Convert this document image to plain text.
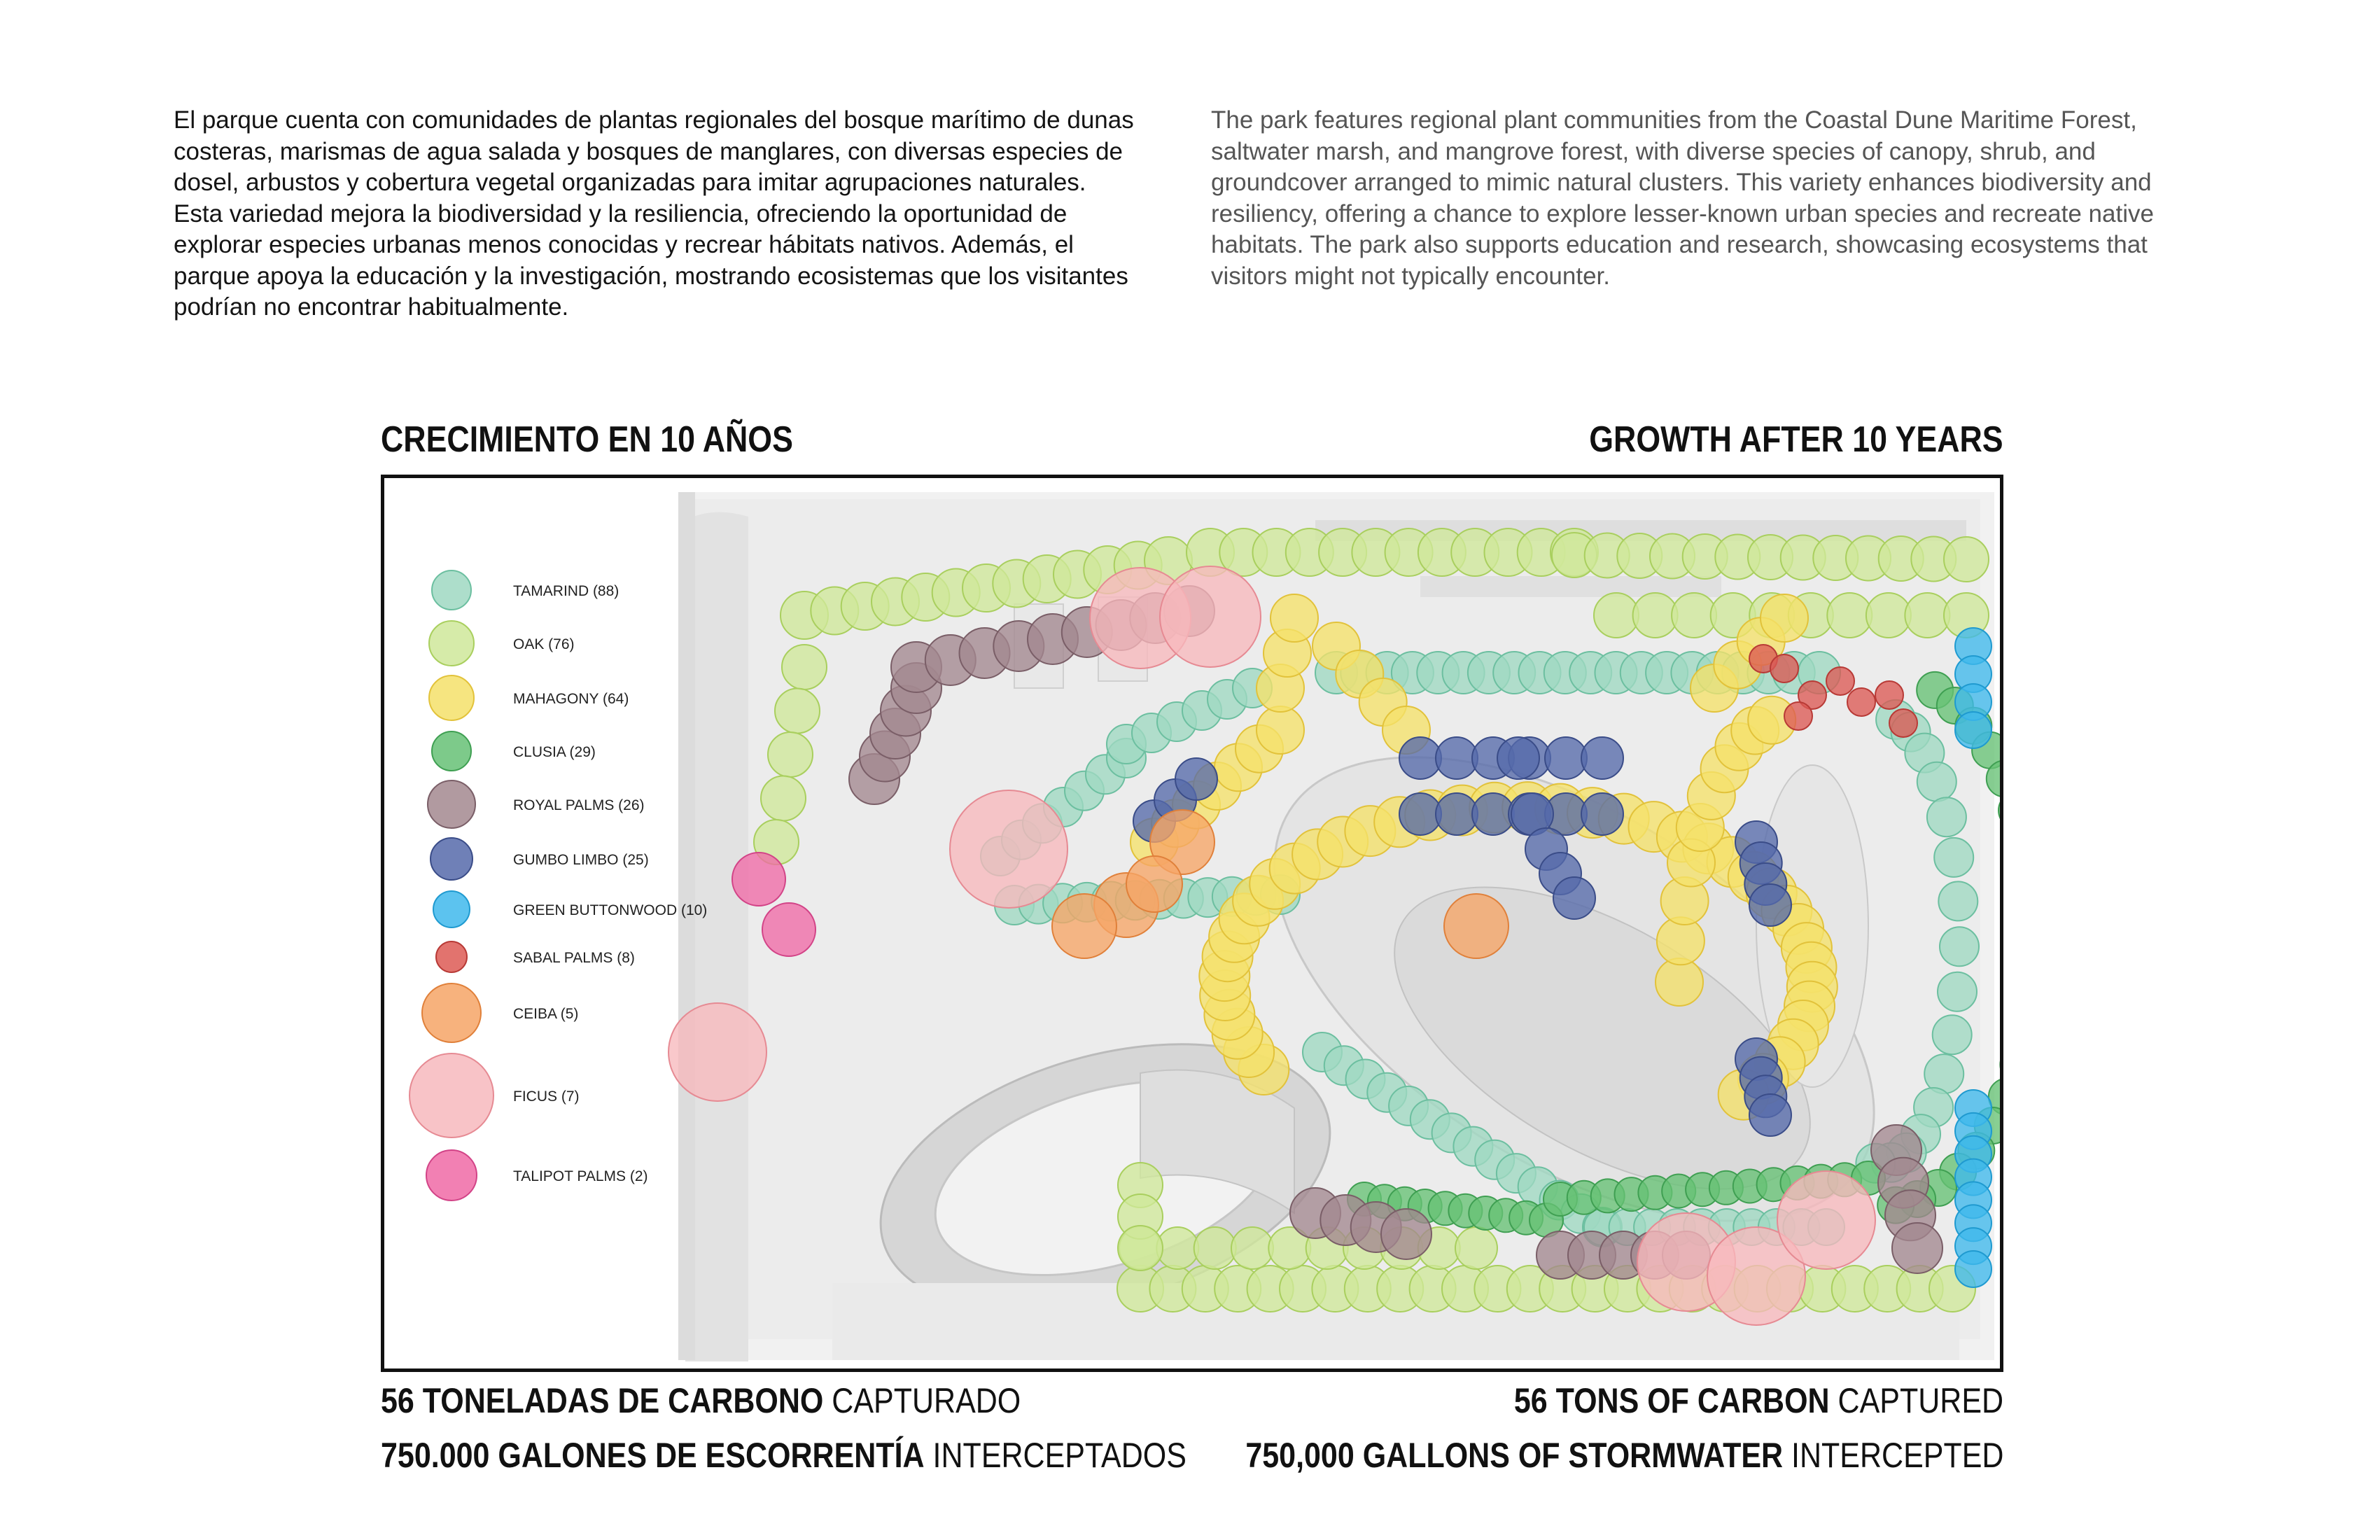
El parque cuenta con comunidades de plantas regionales del bosque marítimo de dunas costeras, marismas de agua salada y bosques de manglares, con diversas especies de dosel, arbustos y cobertura vegetal organizadas para imitar agrupaciones naturales. Esta variedad mejora la biodiversidad y la resiliencia, ofreciendo la oportunidad de explorar especies urbanas menos conocidas y recrear hábitats nativos. Además, el parque apoya la educación y la investigación, mostrando ecosistemas que los visitantes podrían no encontrar habitualmente.
The park features regional plant communities from the Coastal Dune Maritime Forest, saltwater marsh, and mangrove forest, with diverse species of canopy, shrub, and groundcover arranged to mimic natural clusters. This variety enhances biodiversity and resiliency, offering a chance to explore lesser-known urban species and recreate native habitats. The park also supports education and research, showcasing ecosystems that visitors might not typically encounter.
CRECIMIENTO EN 10 AÑOS	GROWTH AFTER 10 YEARS
TAMARIND (88)
OAK (76)
MAHAGONY (64)
CLUSIA (29)
ROYAL PALMS (26)
GUMBO LIMBO (25)
GREEN BUTTONWOOD (10)
SABAL PALMS (8)
CEIBA (5)
FICUS (7)
TALIPOT PALMS (2)
56 TONELADAS DE CARBONO CAPTURADO
750.000 GALONES DE ESCORRENTÍA INTERCEPTADOS
56 TONS OF CARBON CAPTURED
750,000 GALLONS OF STORMWATER INTERCEPTED
